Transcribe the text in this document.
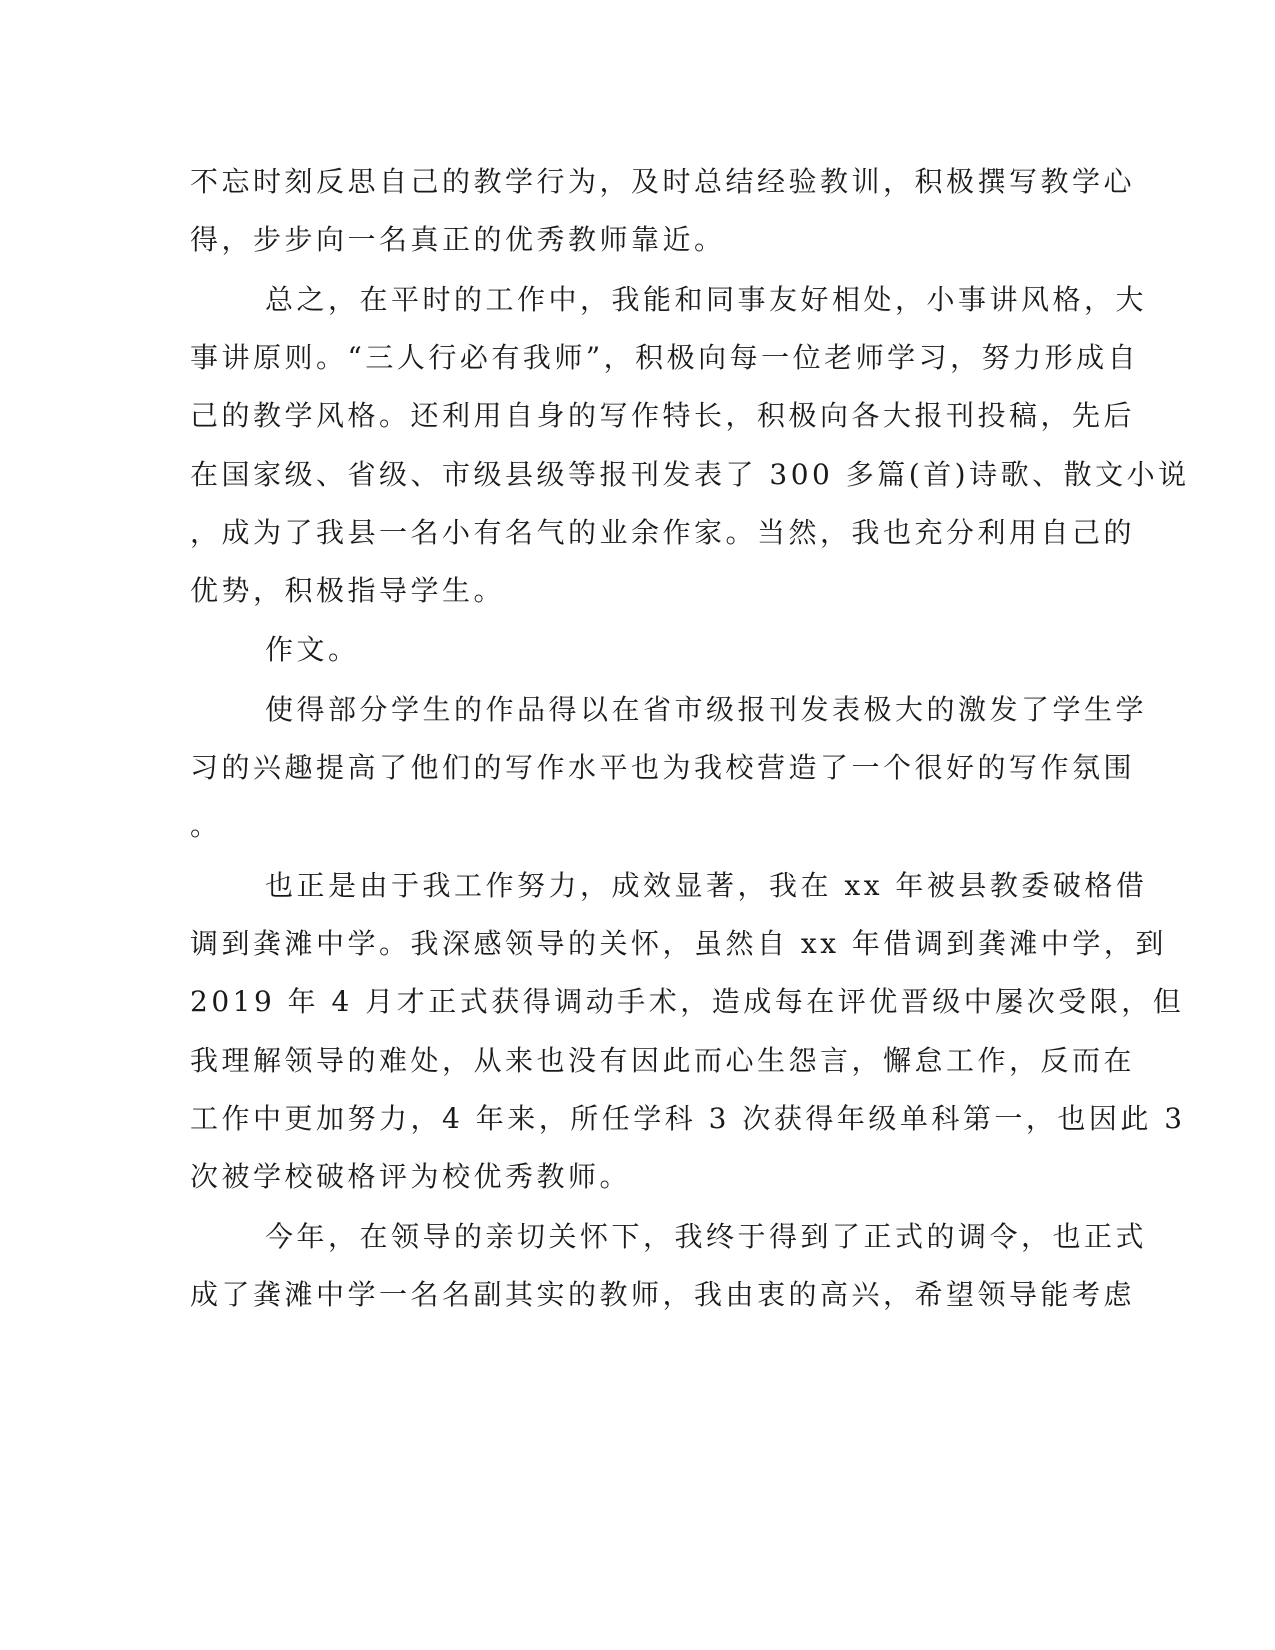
不忘时刻反思自己的教学行为，及时总结经验教训，积极撰写教学心
得，步步向一名真正的优秀教师靠近。
总之，在平时的工作中，我能和同事友好相处，小事讲风格，大
事讲原则。“三人行必有我师”，积极向每一位老师学习，努力形成自
己的教学风格。还利用自身的写作特长，积极向各大报刊投稿，先后
在国家级、省级、市级县级等报刊发表了 300 多篇(首)诗歌、散文小说
，成为了我县一名小有名气的业余作家。当然，我也充分利用自己的
优势，积极指导学生。
作文。
使得部分学生的作品得以在省市级报刊发表极大的激发了学生学
习的兴趣提高了他们的写作水平也为我校营造了一个很好的写作氛围
。
也正是由于我工作努力，成效显著，我在 xx 年被县教委破格借
调到龚滩中学。我深感领导的关怀，虽然自 xx 年借调到龚滩中学，到
2019 年 4 月才正式获得调动手术，造成每在评优晋级中屡次受限，但
我理解领导的难处，从来也没有因此而心生怨言，懈怠工作，反而在
工作中更加努力，4 年来，所任学科 3 次获得年级单科第一，也因此 3
次被学校破格评为校优秀教师。
今年，在领导的亲切关怀下，我终于得到了正式的调令，也正式
成了龚滩中学一名名副其实的教师，我由衷的高兴，希望领导能考虑
